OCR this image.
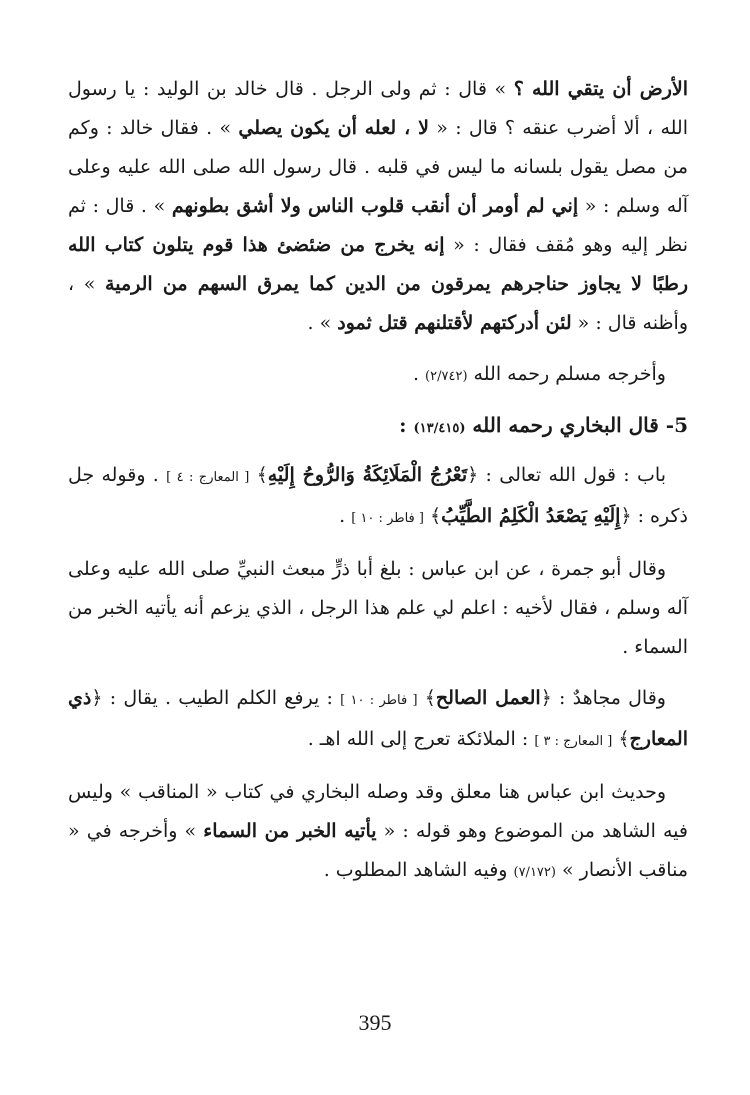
الأرض أن يتقي الله ؟ » قال : ثم ولى الرجل . قال خالد بن الوليد : يا رسول الله ، ألا أضرب عنقه ؟ قال : « لا ، لعله أن يكون يصلي » . فقال خالد : وكم من مصل يقول بلسانه ما ليس في قلبه . قال رسول الله صلى الله عليه وعلى آله وسلم : « إني لم أومر أن أنقب قلوب الناس ولا أشق بطونهم » . قال : ثم نظر إليه وهو مُقف فقال : « إنه يخرج من ضئضئ هذا قوم يتلون كتاب الله رطبًا لا يجاوز حناجرهم يمرقون من الدين كما يمرق السهم من الرمية » ، وأظنه قال : « لئن أدركتهم لأقتلنهم قتل ثمود » .

وأخرجه مسلم رحمه الله (٢/٧٤٢) .

5- قال البخاري رحمه الله (١٣/٤١٥) :

باب : قول الله تعالى : ﴿تَعْرُجُ الْمَلَائِكَةُ وَالرُّوحُ إِلَيْهِ﴾ [ المعارج : ٤ ] . وقوله جل ذكره : ﴿إِلَيْهِ يَصْعَدُ الْكَلِمُ الطَّيِّبُ﴾ [ فاطر : ١٠ ] .

وقال أبو جمرة ، عن ابن عباس : بلغ أبا ذرٍّ مبعث النبيِّ صلى الله عليه وعلى آله وسلم ، فقال لأخيه : اعلم لي علم هذا الرجل ، الذي يزعم أنه يأتيه الخبر من السماء .

وقال مجاهدٌ : ﴿العمل الصالح﴾ [ فاطر : ١٠ ] : يرفع الكلم الطيب . يقال : ﴿ذي المعارج﴾ [ المعارج : ٣ ] : الملائكة تعرج إلى الله اهـ .

وحديث ابن عباس هنا معلق وقد وصله البخاري في كتاب « المناقب » وليس فيه الشاهد من الموضوع وهو قوله : « يأتيه الخبر من السماء » وأخرجه في « مناقب الأنصار » (٧/١٧٢) وفيه الشاهد المطلوب .

395
